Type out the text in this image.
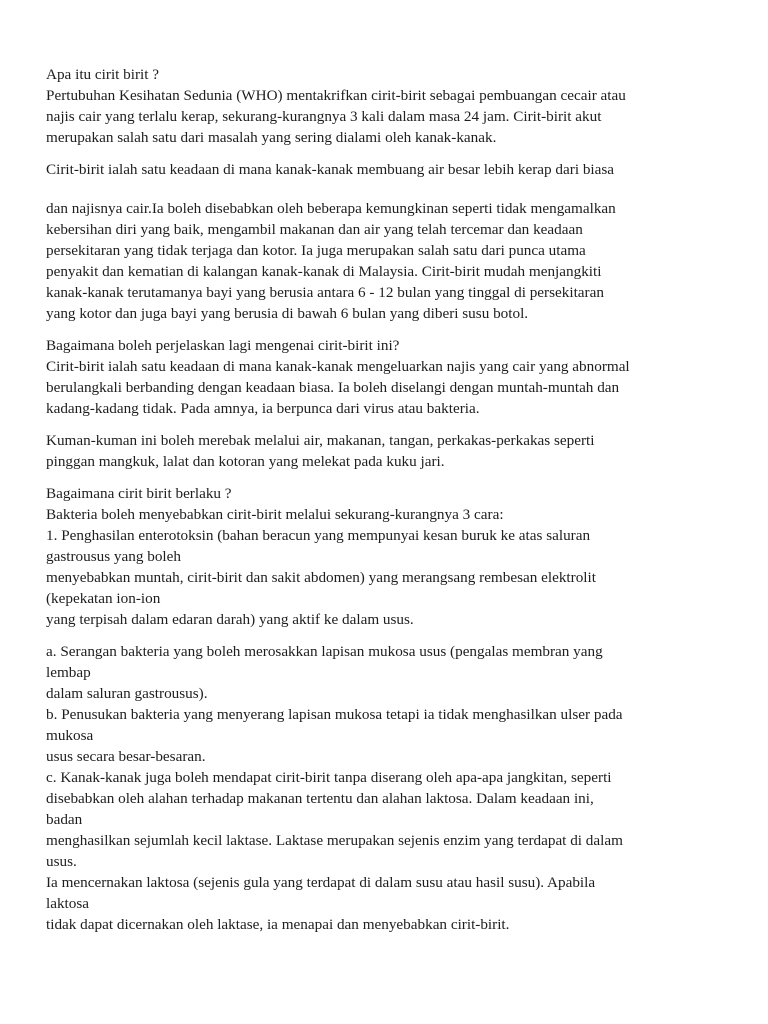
Apa itu cirit birit ?
Pertubuhan Kesihatan Sedunia (WHO) mentakrifkan cirit-birit sebagai pembuangan cecair atau
najis cair yang terlalu kerap, sekurang-kurangnya 3 kali dalam masa 24 jam. Cirit-birit akut
merupakan salah satu dari masalah yang sering dialami oleh kanak-kanak.
Cirit-birit ialah satu keadaan di mana kanak-kanak membuang air besar lebih kerap dari biasa
dan najisnya cair.Ia boleh disebabkan oleh beberapa kemungkinan seperti tidak mengamalkan
kebersihan diri yang baik, mengambil makanan dan air yang telah tercemar dan keadaan
persekitaran yang tidak terjaga dan kotor. Ia juga merupakan salah satu dari punca utama
penyakit dan kematian di kalangan kanak-kanak di Malaysia. Cirit-birit mudah menjangkiti
kanak-kanak terutamanya bayi yang berusia antara 6 - 12 bulan yang tinggal di persekitaran
yang kotor dan juga bayi yang berusia di bawah 6 bulan yang diberi susu botol.
Bagaimana boleh perjelaskan lagi mengenai cirit-birit ini?
Cirit-birit ialah satu keadaan di mana kanak-kanak mengeluarkan najis yang cair yang abnormal
berulangkali berbanding dengan keadaan biasa. Ia boleh diselangi dengan muntah-muntah dan
kadang-kadang tidak. Pada amnya, ia berpunca dari virus atau bakteria.
Kuman-kuman ini boleh merebak melalui air, makanan, tangan, perkakas-perkakas seperti
pinggan mangkuk, lalat dan kotoran yang melekat pada kuku jari.
Bagaimana cirit birit berlaku ?
Bakteria boleh menyebabkan cirit-birit melalui sekurang-kurangnya 3 cara:
1. Penghasilan enterotoksin (bahan beracun yang mempunyai kesan buruk ke atas saluran
gastrousus yang boleh
menyebabkan muntah, cirit-birit dan sakit abdomen) yang merangsang rembesan elektrolit
(kepekatan ion-ion
yang terpisah dalam edaran darah) yang aktif ke dalam usus.
a. Serangan bakteria yang boleh merosakkan lapisan mukosa usus (pengalas membran yang
lembap
dalam saluran gastrousus).
b. Penusukan bakteria yang menyerang lapisan mukosa tetapi ia tidak menghasilkan ulser pada
mukosa
usus secara besar-besaran.
c. Kanak-kanak juga boleh mendapat cirit-birit tanpa diserang oleh apa-apa jangkitan, seperti
disebabkan oleh alahan terhadap makanan tertentu dan alahan laktosa. Dalam keadaan ini,
badan
menghasilkan sejumlah kecil laktase. Laktase merupakan sejenis enzim yang terdapat di dalam
usus.
Ia mencernakan laktosa (sejenis gula yang terdapat di dalam susu atau hasil susu). Apabila
laktosa
tidak dapat dicernakan oleh laktase, ia menapai dan menyebabkan cirit-birit.
